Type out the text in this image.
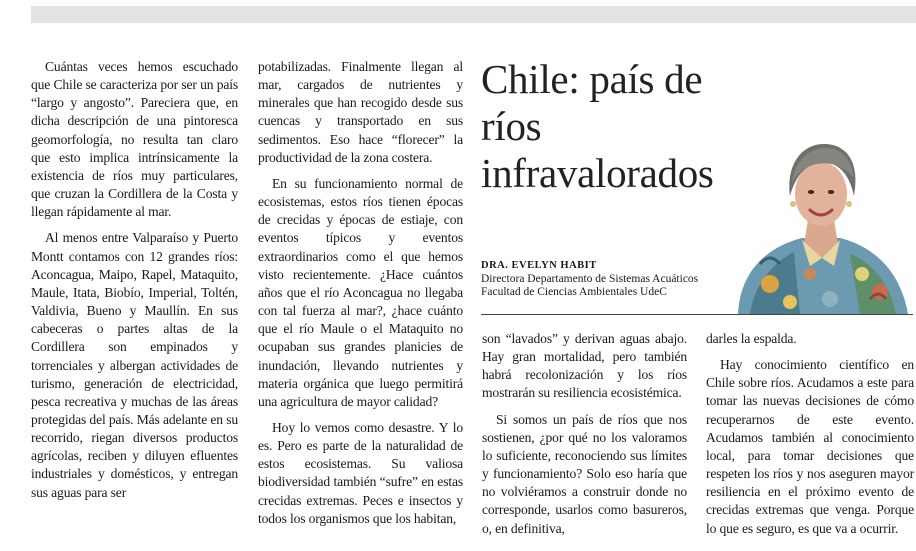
Cuántas veces hemos escuchado que Chile se caracteriza por ser un país “largo y angosto”. Pareciera que, en dicha descripción de una pintoresca geomorfología, no resulta tan claro que esto implica intrínsicamente la existencia de ríos muy particulares, que cruzan la Cordillera de la Costa y llegan rápidamente al mar.

Al menos entre Valparaíso y Puerto Montt contamos con 12 grandes ríos: Aconcagua, Maipo, Rapel, Mataquito, Maule, Itata, Biobío, Imperial, Toltén, Valdivia, Bueno y Maullín. En sus cabeceras o partes altas de la Cordillera son empinados y torrenciales y albergan actividades de turismo, generación de electricidad, pesca recreativa y muchas de las áreas protegidas del país. Más adelante en su recorrido, riegan diversos productos agrícolas, reciben y diluyen efluentes industriales y domésticos, y entregan sus aguas para ser

potabilizadas. Finalmente llegan al mar, cargados de nutrientes y minerales que han recogido desde sus cuencas y transportado en sus sedimentos. Eso hace “florecer” la productividad de la zona costera.

En su funcionamiento normal de ecosistemas, estos ríos tienen épocas de crecidas y épocas de estiaje, con eventos típicos y eventos extraordinarios como el que hemos visto recientemente. ¿Hace cuántos años que el río Aconcagua no llegaba con tal fuerza al mar?, ¿hace cuánto que el río Maule o el Mataquito no ocupaban sus grandes planicies de inundación, llevando nutrientes y materia orgánica que luego permitirá una agricultura de mayor calidad?

Hoy lo vemos como desastre. Y lo es. Pero es parte de la naturalidad de estos ecosistemas. Su valiosa biodiversidad también “sufre” en estas crecidas extremas. Peces e insectos y todos los organismos que los habitan,

Chile: país de ríos infravalorados
DRA. EVELYN HABIT
Directora Departamento de Sistemas Acuáticos
Facultad de Ciencias Ambientales UdeC

son “lavados” y derivan aguas abajo. Hay gran mortalidad, pero también habrá recolonización y los ríos mostrarán su resiliencia ecosistémica.

Si somos un país de ríos que nos sostienen, ¿por qué no los valoramos lo suficiente, reconociendo sus límites y funcionamiento? Solo eso haría que no volviéramos a construir donde no corresponde, usarlos como basureros, o, en definitiva,

darles la espalda.

Hay conocimiento científico en Chile sobre ríos. Acudamos a este para tomar las nuevas decisiones de cómo recuperarnos de este evento. Acudamos también al conocimiento local, para tomar decisiones que respeten los ríos y nos aseguren mayor resiliencia en el próximo evento de crecidas extremas que venga. Porque lo que es seguro, es que va a ocurrir.
